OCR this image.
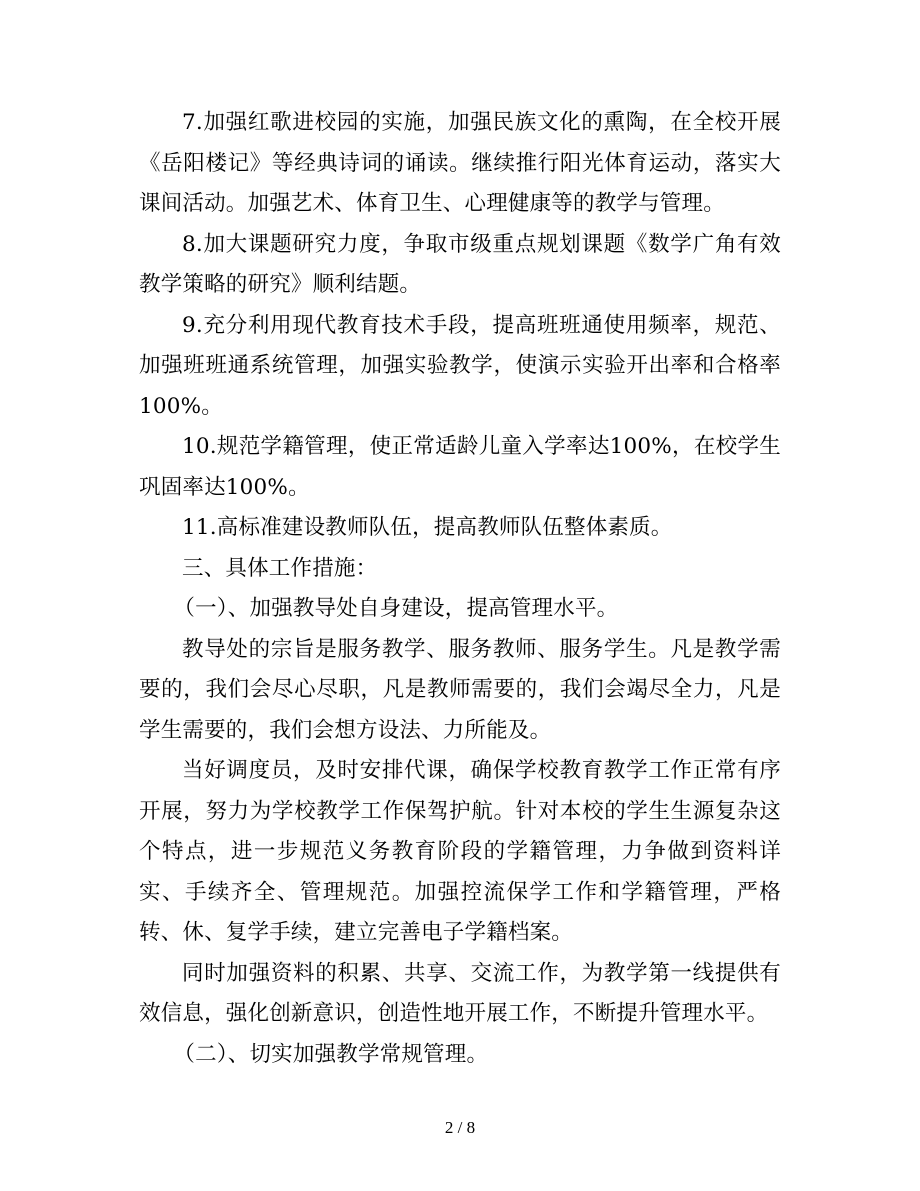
7.加强红歌进校园的实施，加强民族文化的熏陶，在全校开展《岳阳楼记》等经典诗词的诵读。继续推行阳光体育运动，落实大课间活动。加强艺术、体育卫生、心理健康等的教学与管理。

8.加大课题研究力度，争取市级重点规划课题《数学广角有效教学策略的研究》顺利结题。

9.充分利用现代教育技术手段，提高班班通使用频率，规范、加强班班通系统管理，加强实验教学，使演示实验开出率和合格率100%。

10.规范学籍管理，使正常适龄儿童入学率达100%，在校学生巩固率达100%。

11.高标准建设教师队伍，提高教师队伍整体素质。

三、具体工作措施：

（一）、加强教导处自身建设，提高管理水平。

教导处的宗旨是服务教学、服务教师、服务学生。凡是教学需要的，我们会尽心尽职，凡是教师需要的，我们会竭尽全力，凡是学生需要的，我们会想方设法、力所能及。

当好调度员，及时安排代课，确保学校教育教学工作正常有序开展，努力为学校教学工作保驾护航。针对本校的学生生源复杂这个特点，进一步规范义务教育阶段的学籍管理，力争做到资料详实、手续齐全、管理规范。加强控流保学工作和学籍管理，严格转、休、复学手续，建立完善电子学籍档案。

同时加强资料的积累、共享、交流工作，为教学第一线提供有效信息，强化创新意识，创造性地开展工作，不断提升管理水平。

（二）、切实加强教学常规管理。

2 / 8
